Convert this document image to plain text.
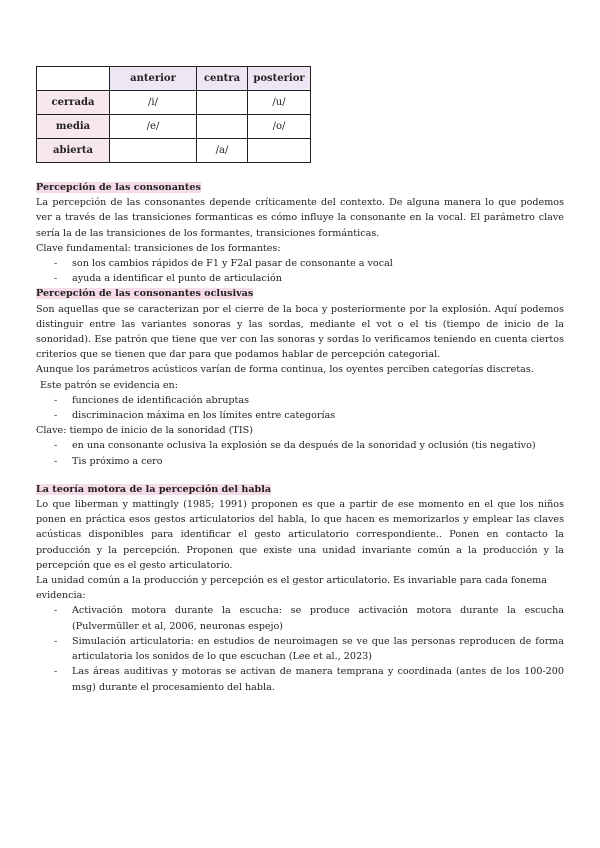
	anterior	centra	posterior
cerrada	/i/		/u/
media	/e/		/o/
abierta		/a/	

Percepción de las consonantes

La percepción de las consonantes depende críticamente del contexto. De alguna manera lo que podemos ver a través de las transiciones formanticas es cómo influye la consonante en la vocal. El parámetro clave sería la de las transiciones de los formantes, transiciones formánticas.

Clave fundamental: transiciones de los formantes:

- son los cambios rápidos de F1 y F2al pasar de consonante a vocal
- ayuda a identificar el punto de articulación

Percepción de las consonantes oclusivas

Son aquellas que se caracterizan por el cierre de la boca y posteriormente por la explosión. Aquí podemos distinguir entre las variantes sonoras y las sordas, mediante el vot o el tis (tiempo de inicio de la sonoridad). Ese patrón que tiene que ver con las sonoras y sordas lo verificamos teniendo en cuenta ciertos criterios que se tienen que dar para que podamos hablar de percepción categorial.

Aunque los parámetros acústicos varían de forma continua, los oyentes perciben categorías discretas.

Este patrón se evidencia en:

- funciones de identificación abruptas
- discriminacion máxima en los límites entre categorías

Clave: tiempo de inicio de la sonoridad (TIS)

- en una consonante oclusiva la explosión se da después de la sonoridad y oclusión (tis negativo)
- Tis próximo a cero

La teoría motora de la percepción del habla

Lo que liberman y mattingly (1985; 1991) proponen es que a partir de ese momento en el que los niños ponen en práctica esos gestos articulatorios del habla, lo que hacen es memorizarlos y emplear las claves acústicas disponibles para identificar el gesto articulatorio correspondiente.. Ponen en contacto la producción y la percepción. Proponen que existe una unidad invariante común a la producción y la percepción que es el gesto articulatorio.

La unidad común a la producción y percepción es el gestor articulatorio. Es invariable para cada fonema evidencia:

- Activación motora durante la escucha: se produce activación motora durante la escucha (Pulvermüller et al, 2006, neuronas espejo)
- Simulación articulatoria: en estudios de neuroimagen se ve que las personas reproducen de forma articulatoria los sonidos de lo que escuchan (Lee et al., 2023)
- Las áreas auditivas y motoras se activan de manera temprana y coordinada (antes de los 100-200 msg) durante el procesamiento del habla.
